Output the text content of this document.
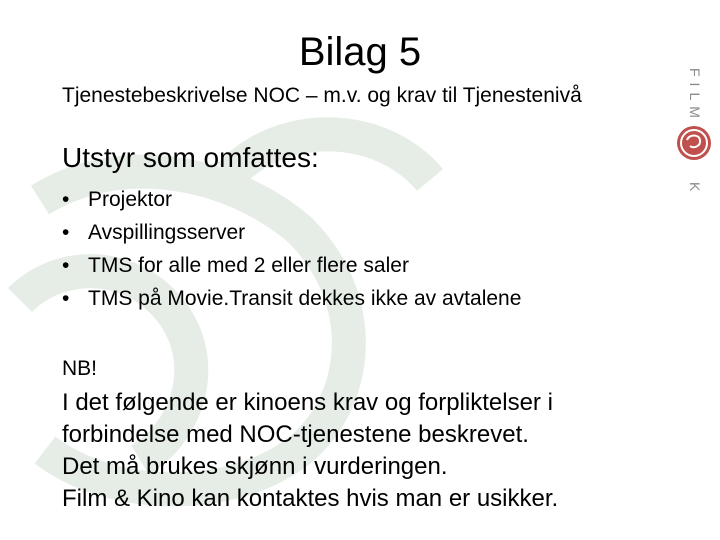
Bilag 5
Tjenestebeskrivelse NOC – m.v. og krav til Tjenestenivå
Utstyr som omfattes:
• Projektor
• Avspillingsserver
• TMS for alle med 2 eller flere saler
• TMS på Movie.Transit dekkes ikke av avtalene
NB!
I det følgende er kinoens krav og forpliktelser i
forbindelse med NOC-tjenestene beskrevet.
Det må brukes skjønn i vurderingen.
Film & Kino kan kontaktes hvis man er usikker.
FILM
K
